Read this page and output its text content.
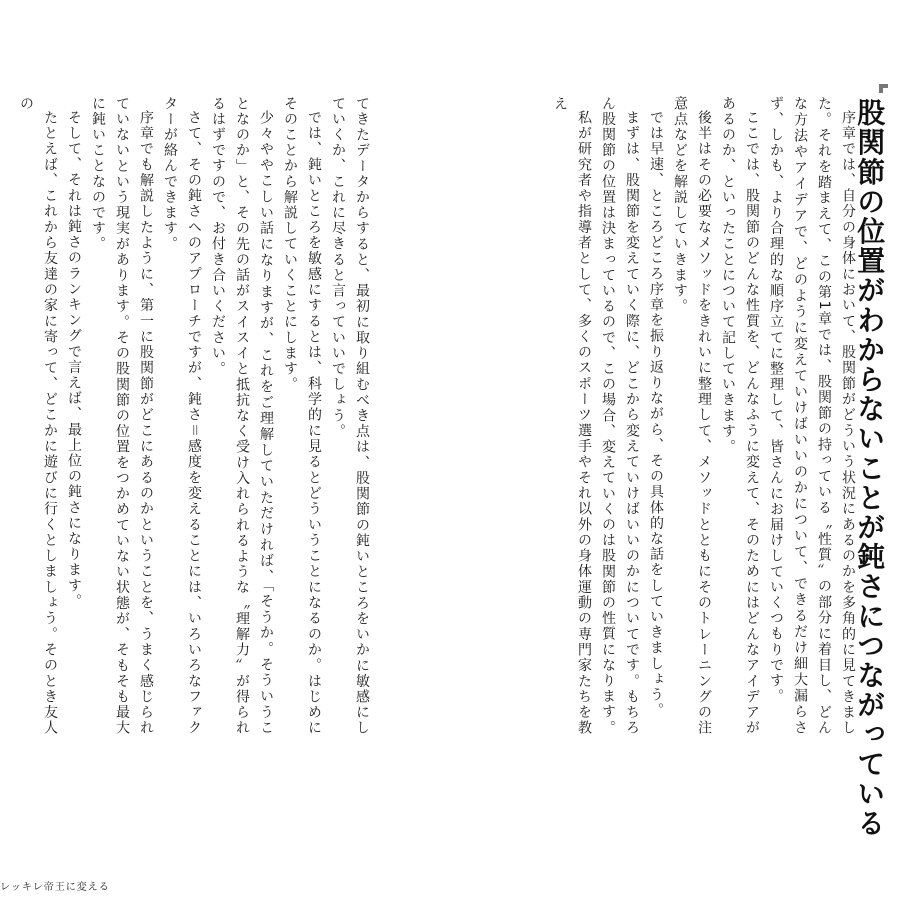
股関節の位置がわからないことが鈍さにつながっている

序章では、自分の身体において、股関節がどういう状況にあるのかを多角的に見てきました。それを踏まえて、この第1章では、股関節の持っている〝性質〟の部分に着目し、どんな方法やアイデアで、どのように変えていけばいいのかについて、できるだけ細大漏らさず、しかも、より合理的な順序立てに整理して、皆さんにお届けしていくつもりです。

ここでは、股関節のどんな性質を、どんなふうに変えて、そのためにはどんなアイデアがあるのか、といったことについて記していきます。

後半はその必要なメソッドをきれいに整理して、メソッドとともにそのトレーニングの注意点などを解説していきます。

では早速、ところどころ序章を振り返りながら、その具体的な話をしていきましょう。

まずは、股関節を変えていく際に、どこから変えていけばいいのかについてです。もちろん股関節の位置は決まっているので、この場合、変えていくのは股関節の性質になります。

私が研究者や指導者として、多くのスポーツ選手やそれ以外の身体運動の専門家たちを教え

てきたデータからすると、最初に取り組むべき点は、股関節の鈍いところをいかに敏感にしていくか、これに尽きると言っていいでしょう。

では、鈍いところを敏感にするとは、科学的に見るとどういうことになるのか。はじめにそのことから解説していくことにします。

少々ややこしい話になりますが、これをご理解していただければ、「そうか。そういうことなのか」と、その先の話がスイスイと抵抗なく受け入れられるような〝理解力〟が得られるはずですので、お付き合いください。

さて、その鈍さへのアプローチですが、鈍さ＝感度を変えることには、いろいろなファクターが絡んできます。

序章でも解説したように、第一に股関節がどこにあるのかということを、うまく感じられていないという現実があります。その股関節の位置をつかめていない状態が、そもそも最大に鈍いことなのです。

そして、それは鈍さのランキングで言えば、最上位の鈍さになります。

たとえば、これから友達の家に寄って、どこかに遊びに行くとしましょう。そのとき友人の

レッキレ帝王に変える
